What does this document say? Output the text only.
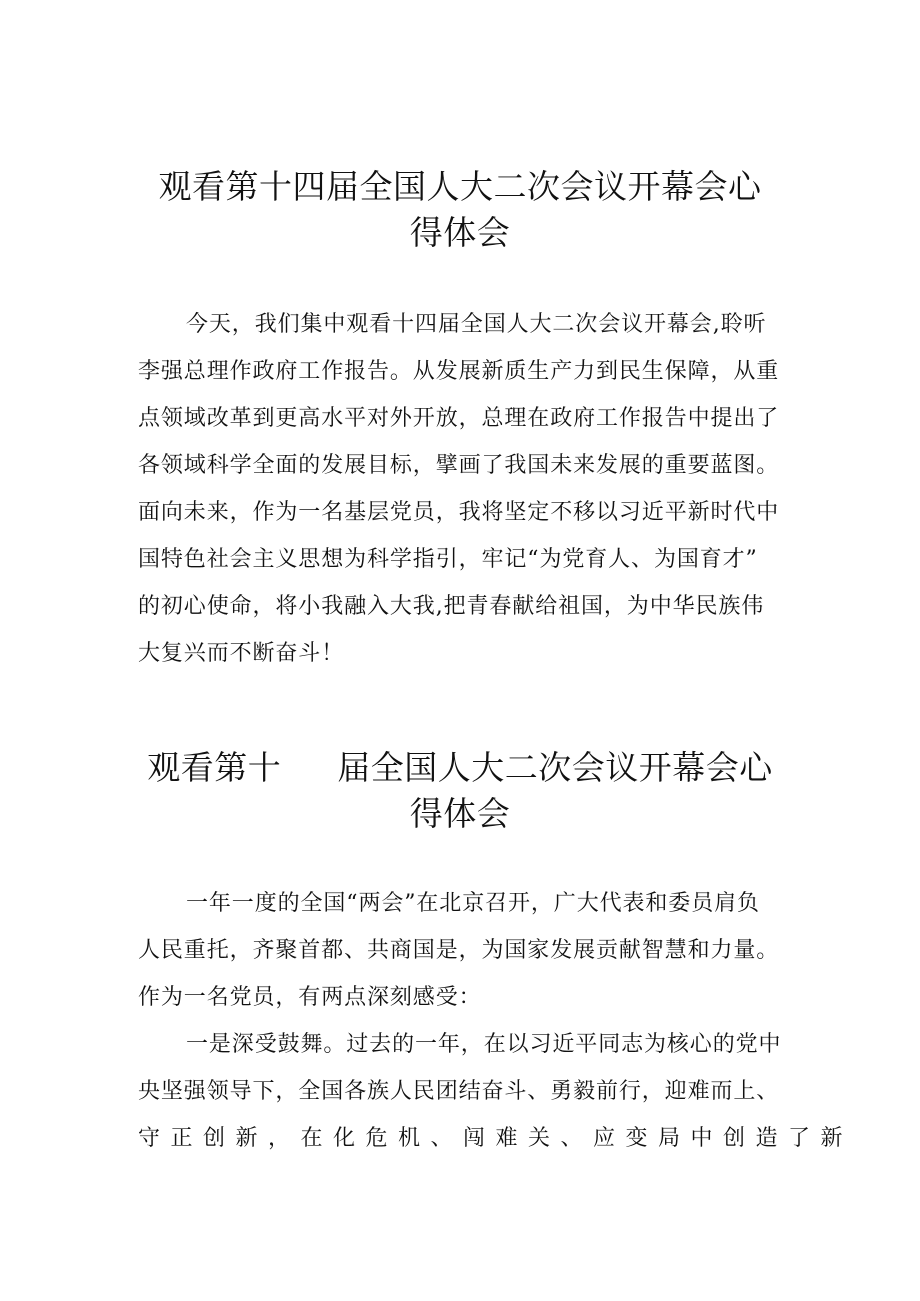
观看第十四届全国人大二次会议开幕会心
得体会
今天，我们集中观看十四届全国人大二次会议开幕会,聆听
李强总理作政府工作报告。从发展新质生产力到民生保障，从重
点领域改革到更高水平对外开放，总理在政府工作报告中提出了
各领域科学全面的发展目标，擘画了我国未来发展的重要蓝图。
面向未来，作为一名基层党员，我将坚定不移以习近平新时代中
国特色社会主义思想为科学指引，牢记“为党育人、为国育才”
的初心使命，将小我融入大我,把青春献给祖国，为中华民族伟
大复兴而不断奋斗！
观看第十 届全国人大二次会议开幕会心
得体会
一年一度的全国“两会”在北京召开，广大代表和委员肩负
人民重托，齐聚首都、共商国是，为国家发展贡献智慧和力量。
作为一名党员，有两点深刻感受：
一是深受鼓舞。过去的一年，在以习近平同志为核心的党中
央坚强领导下，全国各族人民团结奋斗、勇毅前行，迎难而上、
守正创新，在化危机、闯难关、应变局中创造了新
